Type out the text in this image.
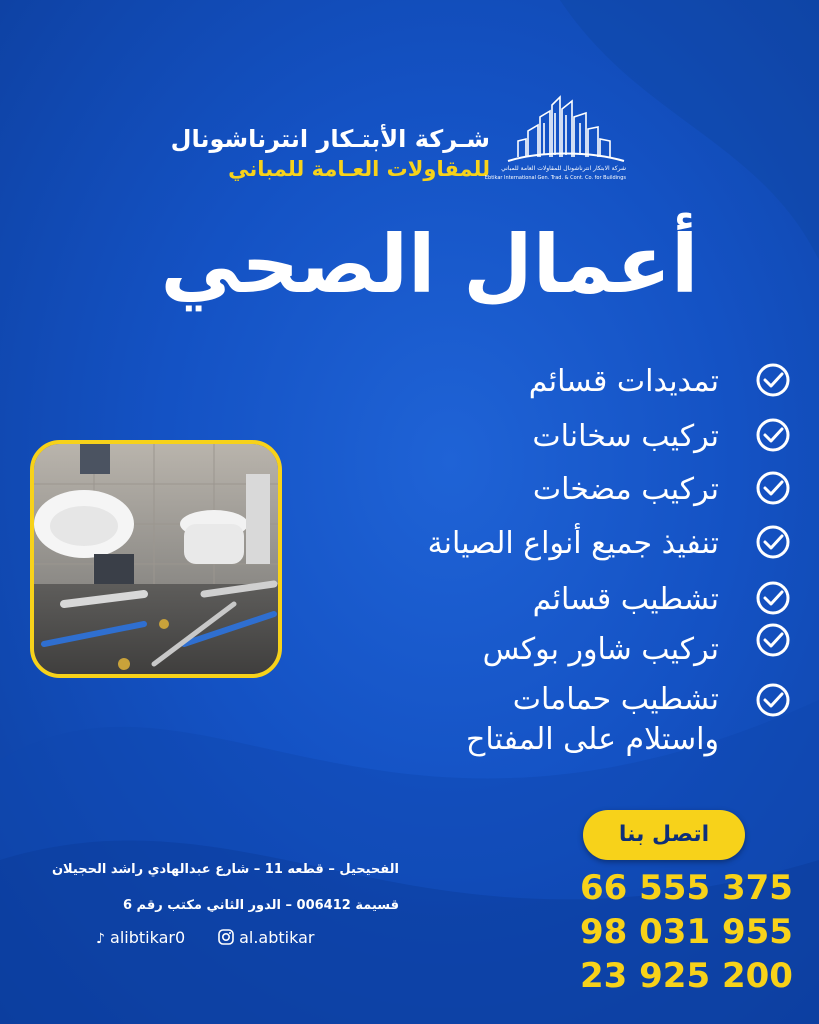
شـركة الأبتـكار انترناشونال
للمقاولات العـامة للمباني شركة الابتكار انترناشونال للمقاولات العامة للمباني
Ebtikar International Gen. Trad. & Cont. Co. for Buildings
أعمال الصحي
تمديدات قسائم
تركيب سخانات
تركيب مضخات
تنفيذ جميع أنواع الصيانة
تشطيب قسائم
تركيب شاور بوكس
تشطيب حمامات
واستلام على المفتاح
اتصل بنا
66 555 375
98 031 955
23 925 200
الفحيحيل – قطعه 11 – شارع عبدالهادي راشد الحجيلان
قسيمة 006412 – الدور الثاني مكتب رقم 6
♪ alibtikar0	al.abtikar
